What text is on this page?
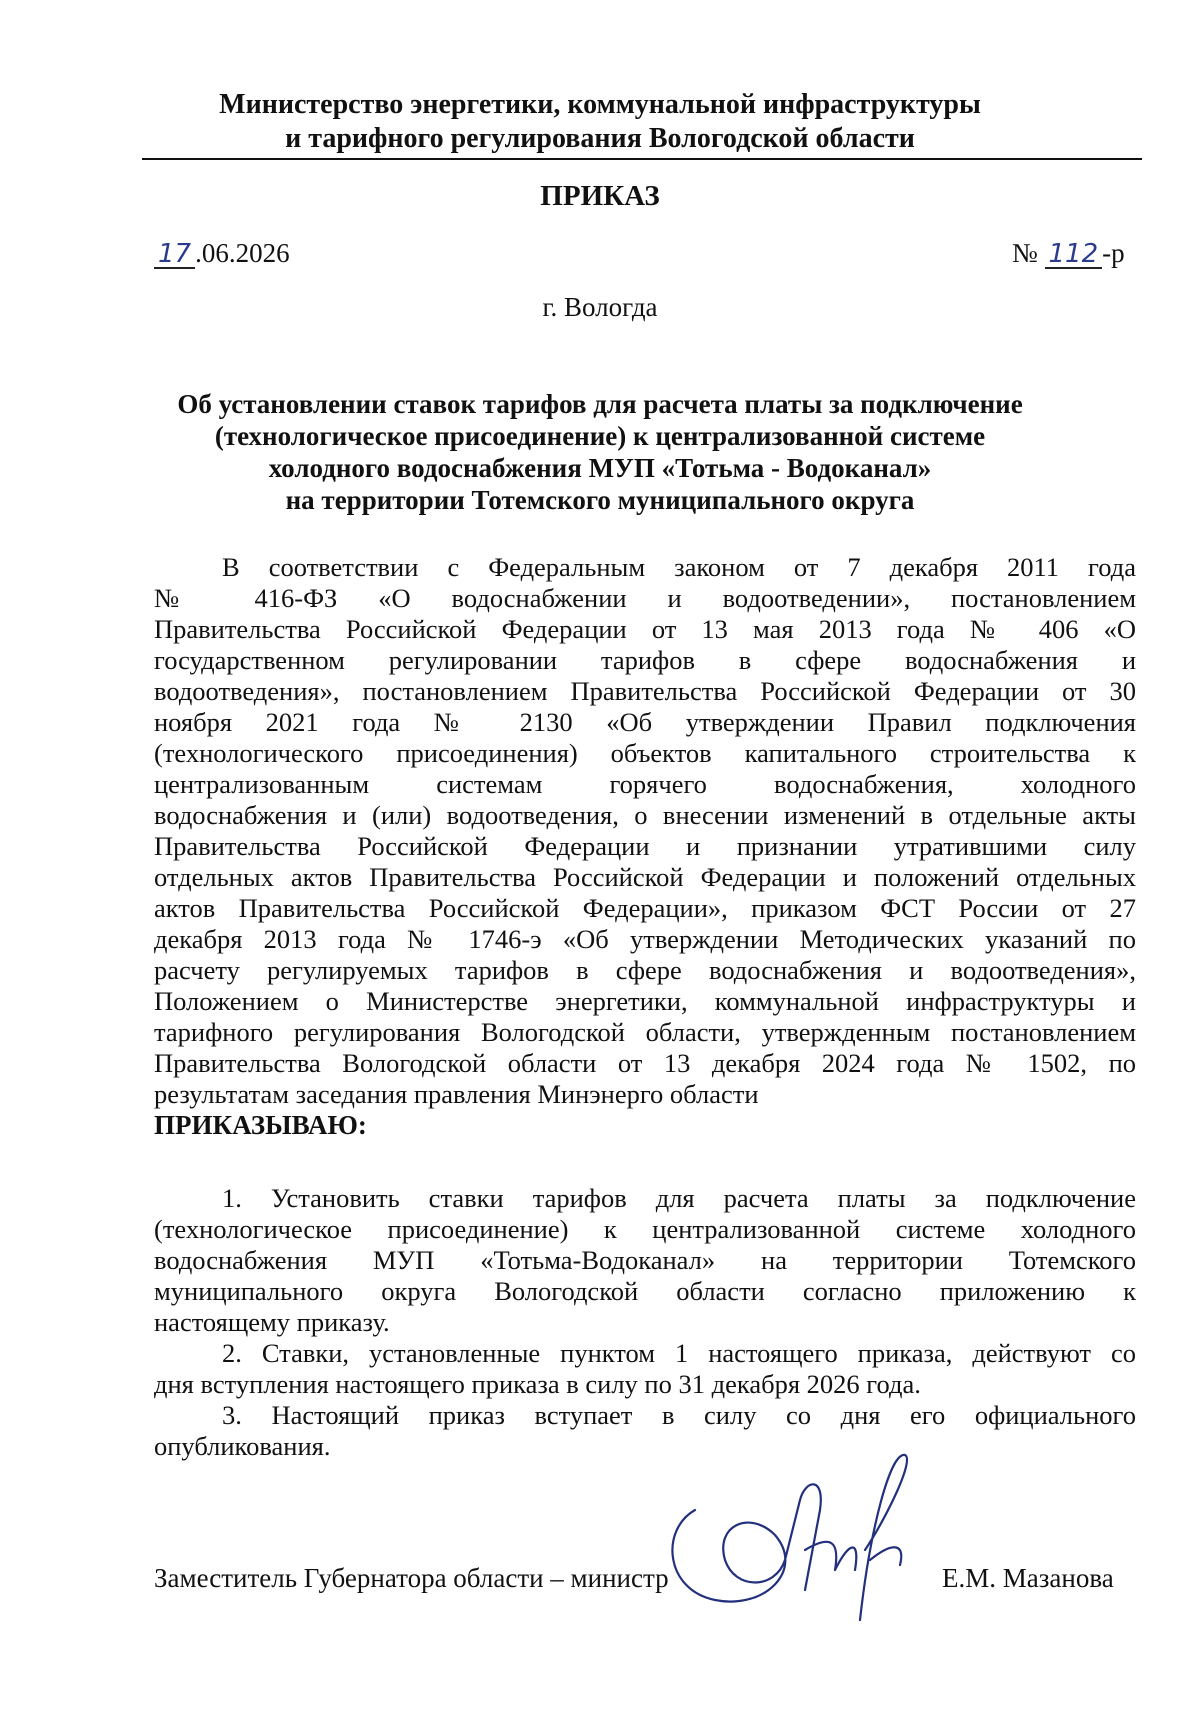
Министерство энергетики, коммунальной инфраструктуры
и тарифного регулирования Вологодской области
ПРИКАЗ
17 .06.2026	№ 112 -р
г. Вологда
Об установлении ставок тарифов для расчета платы за подключение
(технологическое присоединение) к централизованной системе
холодного водоснабжения МУП «Тотьма - Водоканал»
на территории Тотемского муниципального округа
В соответствии с Федеральным законом от 7 декабря 2011 года
№ 416-ФЗ «О водоснабжении и водоотведении», постановлением
Правительства Российской Федерации от 13 мая 2013 года № 406 «О
государственном регулировании тарифов в сфере водоснабжения и
водоотведения», постановлением Правительства Российской Федерации от 30
ноября 2021 года № 2130 «Об утверждении Правил подключения
(технологического присоединения) объектов капитального строительства к
централизованным системам горячего водоснабжения, холодного
водоснабжения и (или) водоотведения, о внесении изменений в отдельные акты
Правительства Российской Федерации и признании утратившими силу
отдельных актов Правительства Российской Федерации и положений отдельных
актов Правительства Российской Федерации», приказом ФСТ России от 27
декабря 2013 года № 1746-э «Об утверждении Методических указаний по
расчету регулируемых тарифов в сфере водоснабжения и водоотведения»,
Положением о Министерстве энергетики, коммунальной инфраструктуры и
тарифного регулирования Вологодской области, утвержденным постановлением
Правительства Вологодской области от 13 декабря 2024 года № 1502, по
результатам заседания правления Минэнерго области
ПРИКАЗЫВАЮ:
1. Установить ставки тарифов для расчета платы за подключение
(технологическое присоединение) к централизованной системе холодного
водоснабжения МУП «Тотьма-Водоканал» на территории Тотемского
муниципального округа Вологодской области согласно приложению к
настоящему приказу.
2. Ставки, установленные пунктом 1 настоящего приказа, действуют со
дня вступления настоящего приказа в силу по 31 декабря 2026 года.
3. Настоящий приказ вступает в силу со дня его официального
опубликования.
Заместитель Губернатора области – министр	Е.М. Мазанова
